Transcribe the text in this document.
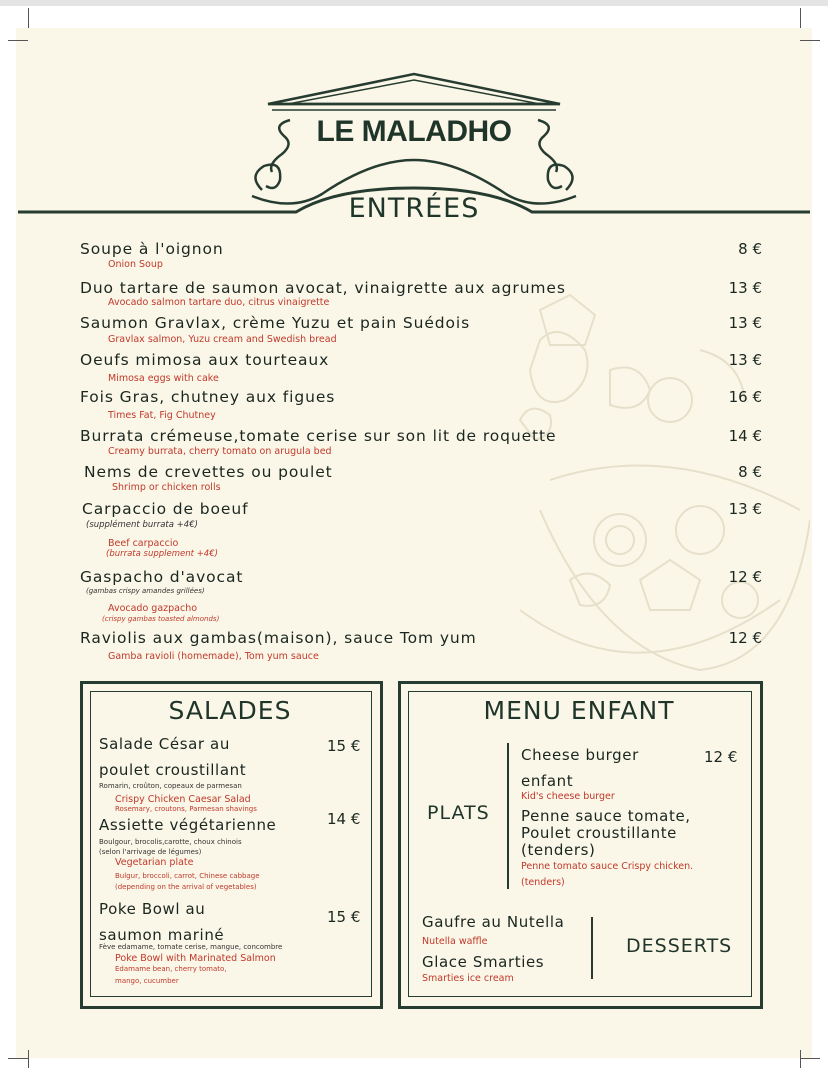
LE MALADHO
ENTRÉES
Soupe à l'oignon	8 €
Onion Soup
Duo tartare de saumon avocat, vinaigrette aux agrumes	13 €
Avocado salmon tartare duo, citrus vinaigrette
Saumon Gravlax, crème Yuzu et pain Suédois	13 €
Gravlax salmon, Yuzu cream and Swedish bread
Oeufs mimosa aux tourteaux	13 €
Mimosa eggs with cake
Fois Gras, chutney aux figues	16 €
Times Fat, Fig Chutney
Burrata crémeuse,tomate cerise sur son lit de roquette	14 €
Creamy burrata, cherry tomato on arugula bed
Nems de crevettes ou poulet	8 €
Shrimp or chicken rolls
Carpaccio de boeuf	13 €
(supplément burrata +4€)
Beef carpaccio
(burrata supplement +4€)
Gaspacho d'avocat	12 €
(gambas crispy amandes grillées)
Avocado gazpacho
(crispy gambas toasted almonds)
Raviolis aux gambas(maison), sauce Tom yum	12 €
Gamba ravioli (homemade), Tom yum sauce
SALADES
Salade César au
poulet croustillant
15 €
Romarin, croûton, copeaux de parmesan
Crispy Chicken Caesar Salad
Rosemary, croutons, Parmesan shavings
Assiette végétarienne	14 €
Boulgour, brocolis,carotte, choux chinois
(selon l'arrivage de légumes)
Vegetarian plate
Bulgur, broccoli, carrot, Chinese cabbage
(depending on the arrival of vegetables)
Poke Bowl au
saumon mariné
15 €
Fève edamame, tomate cerise, mangue, concombre
Poke Bowl with Marinated Salmon
Edamame bean, cherry tomato,
mango, cucumber
MENU ENFANT
PLATS
Cheese burger
enfant
12 €
Kid's cheese burger
Penne sauce tomate,
Poulet croustillante
(tenders)
Penne tomato sauce Crispy chicken.
(tenders)
Gaufre au Nutella
Nutella waffle
Glace Smarties
Smarties ice cream
DESSERTS
